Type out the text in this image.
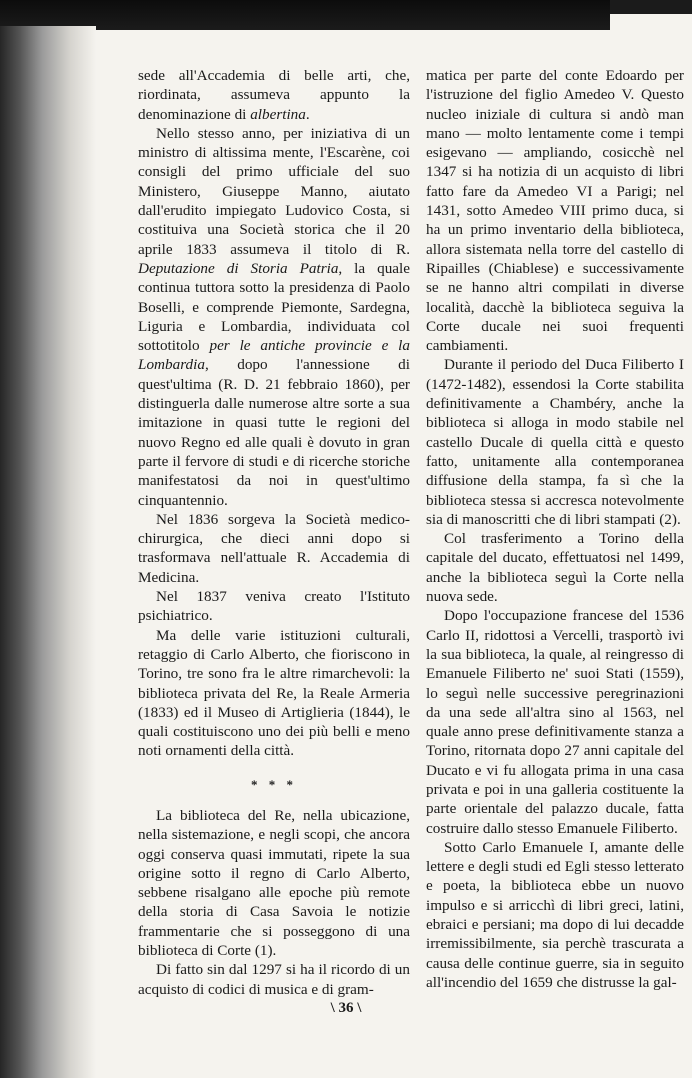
sede all'Accademia di belle arti, che, riordinata, assumeva appunto la denominazione di albertina.

Nello stesso anno, per iniziativa di un ministro di altissima mente, l'Escarène, coi consigli del primo ufficiale del suo Ministero, Giuseppe Manno, aiutato dall'erudito impiegato Ludovico Costa, si costituiva una Società storica che il 20 aprile 1833 assumeva il titolo di R. Deputazione di Storia Patria, la quale continua tuttora sotto la presidenza di Paolo Boselli, e comprende Piemonte, Sardegna, Liguria e Lombardia, individuata col sottotitolo per le antiche provincie e la Lombardia, dopo l'annessione di quest'ultima (R. D. 21 febbraio 1860), per distinguerla dalle numerose altre sorte a sua imitazione in quasi tutte le regioni del nuovo Regno ed alle quali è dovuto in gran parte il fervore di studi e di ricerche storiche manifestatosi da noi in quest'ultimo cinquantennio.

Nel 1836 sorgeva la Società medico-chirurgica, che dieci anni dopo si trasformava nell'attuale R. Accademia di Medicina.

Nel 1837 veniva creato l'Istituto psichiatrico.

Ma delle varie istituzioni culturali, retaggio di Carlo Alberto, che fioriscono in Torino, tre sono fra le altre rimarchevoli: la biblioteca privata del Re, la Reale Armeria (1833) ed il Museo di Artiglieria (1844), le quali costituiscono uno dei più belli e meno noti ornamenti della città.

* * *

La biblioteca del Re, nella ubicazione, nella sistemazione, e negli scopi, che ancora oggi conserva quasi immutati, ripete la sua origine sotto il regno di Carlo Alberto, sebbene risalgano alle epoche più remote della storia di Casa Savoia le notizie frammentarie che si posseggono di una biblioteca di Corte (1).

Di fatto sin dal 1297 si ha il ricordo di un acquisto di codici di musica e di gram-

matica per parte del conte Edoardo per l'istruzione del figlio Amedeo V. Questo nucleo iniziale di cultura si andò man mano — molto lentamente come i tempi esigevano — ampliando, cosicchè nel 1347 si ha notizia di un acquisto di libri fatto fare da Amedeo VI a Parigi; nel 1431, sotto Amedeo VIII primo duca, si ha un primo inventario della biblioteca, allora sistemata nella torre del castello di Ripailles (Chiablese) e successivamente se ne hanno altri compilati in diverse località, dacchè la biblioteca seguiva la Corte ducale nei suoi frequenti cambiamenti.

Durante il periodo del Duca Filiberto I (1472-1482), essendosi la Corte stabilita definitivamente a Chambéry, anche la biblioteca si alloga in modo stabile nel castello Ducale di quella città e questo fatto, unitamente alla contemporanea diffusione della stampa, fa sì che la biblioteca stessa si accresca notevolmente sia di manoscritti che di libri stampati (2).

Col trasferimento a Torino della capitale del ducato, effettuatosi nel 1499, anche la biblioteca seguì la Corte nella nuova sede.

Dopo l'occupazione francese del 1536 Carlo II, ridottosi a Vercelli, trasportò ivi la sua biblioteca, la quale, al reingresso di Emanuele Filiberto ne' suoi Stati (1559), lo seguì nelle successive peregrinazioni da una sede all'altra sino al 1563, nel quale anno prese definitivamente stanza a Torino, ritornata dopo 27 anni capitale del Ducato e vi fu allogata prima in una casa privata e poi in una galleria costituente la parte orientale del palazzo ducale, fatta costruire dallo stesso Emanuele Filiberto.

Sotto Carlo Emanuele I, amante delle lettere e degli studi ed Egli stesso letterato e poeta, la biblioteca ebbe un nuovo impulso e si arricchì di libri greci, latini, ebraici e persiani; ma dopo di lui decadde irremissibilmente, sia perchè trascurata a causa delle continue guerre, sia in seguito all'incendio del 1659 che distrusse la gal-

\ 36 \
